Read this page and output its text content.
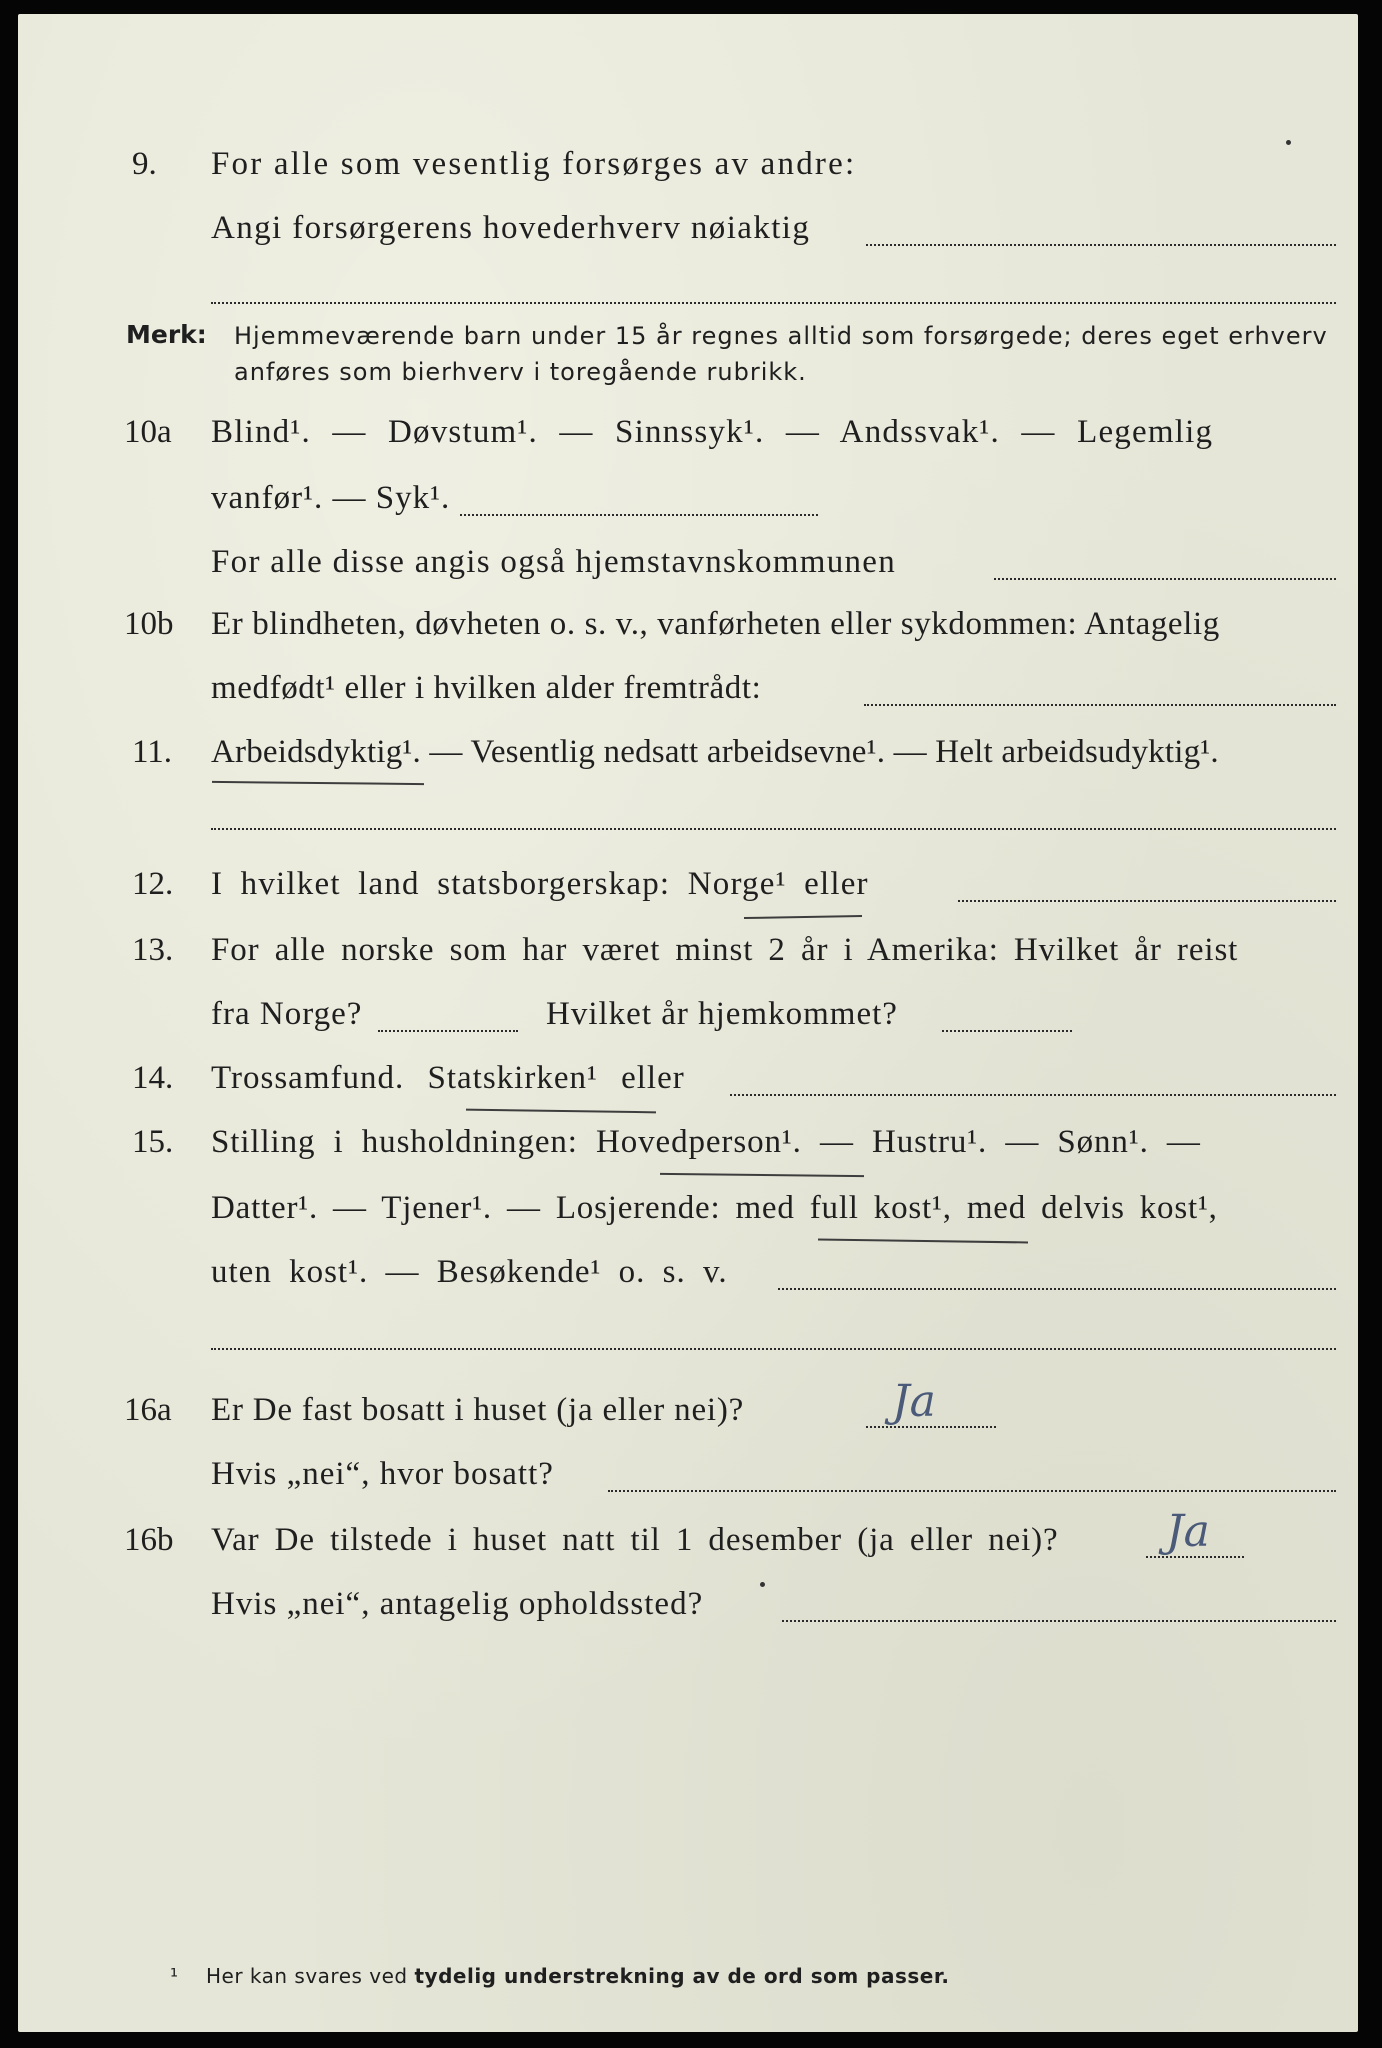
9. For alle som vesentlig forsørges av andre:
Angi forsørgerens hovederhverv nøiaktig
Merk: Hjemmeværende barn under 15 år regnes alltid som forsørgede; deres eget erhverv
anføres som bierhverv i toregående rubrikk.
10a Blind¹. — Døvstum¹. — Sinnssyk¹. — Andssvak¹. — Legemlig
vanfør¹. — Syk¹.
For alle disse angis også hjemstavnskommunen
10b Er blindheten, døvheten o. s. v., vanførheten eller sykdommen: Antagelig
medfødt¹ eller i hvilken alder fremtrådt:
11. Arbeidsdyktig¹. — Vesentlig nedsatt arbeidsevne¹. — Helt arbeidsudyktig¹.
12. I hvilket land statsborgerskap: Norge¹ eller
13. For alle norske som har været minst 2 år i Amerika: Hvilket år reist
fra Norge?	Hvilket år hjemkommet?
14. Trossamfund. Statskirken¹ eller
15. Stilling i husholdningen: Hovedperson¹. — Hustru¹. — Sønn¹. —
Datter¹. — Tjener¹. — Losjerende: med full kost¹, med delvis kost¹,
uten kost¹. — Besøkende¹ o. s. v.
16a Er De fast bosatt i huset (ja eller nei)?	Ja
Hvis „nei“, hvor bosatt?
16b Var De tilstede i huset natt til 1 desember (ja eller nei)? Ja
Hvis „nei“, antagelig opholdssted?
¹ Her kan svares ved tydelig understrekning av de ord som passer.
